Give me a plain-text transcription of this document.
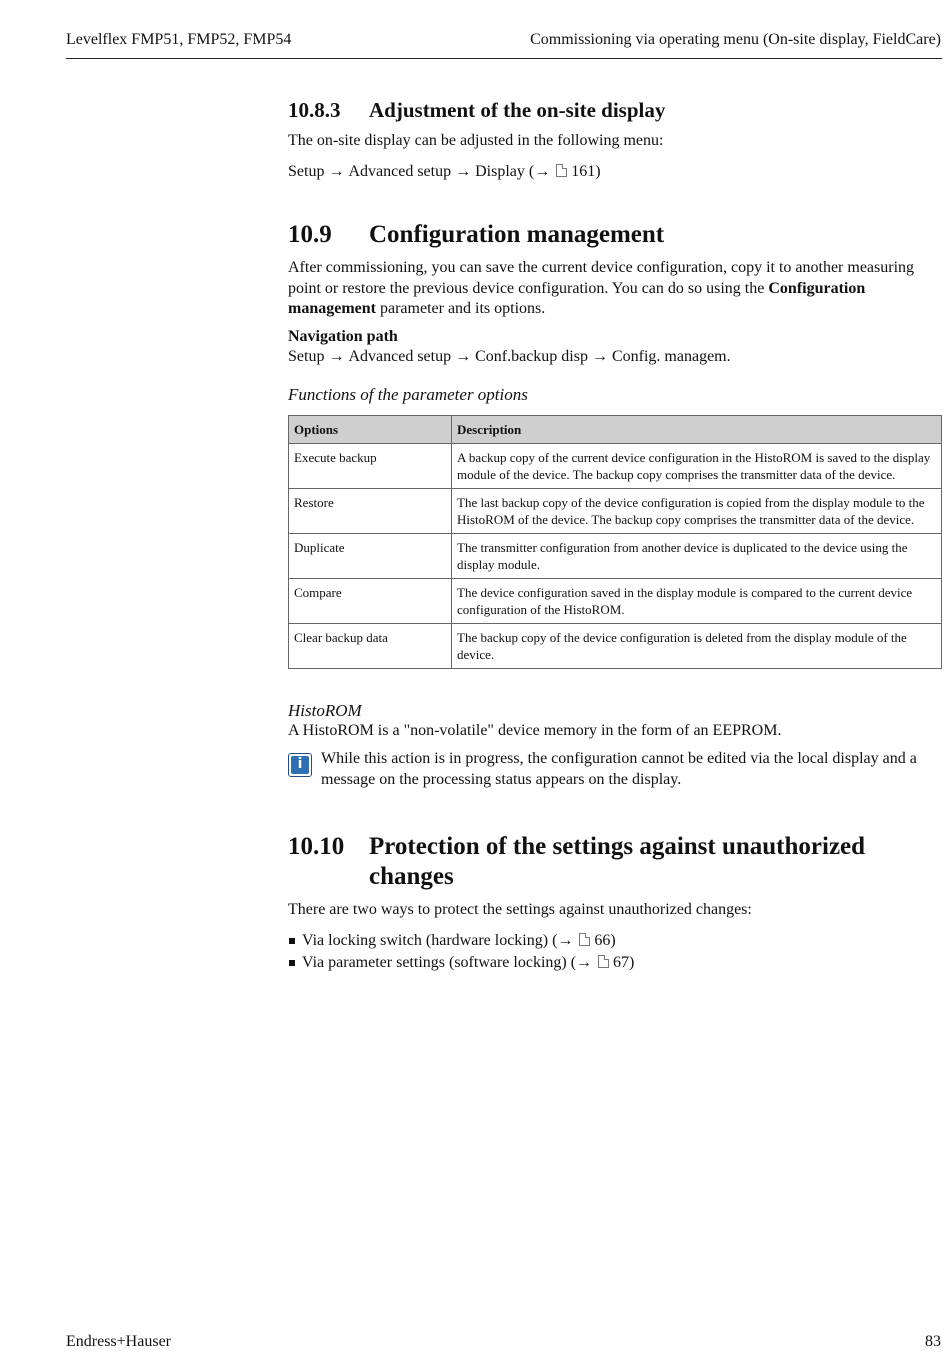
Levelflex FMP51, FMP52, FMP54	Commissioning via operating menu (On-site display, FieldCare)
10.8.3	Adjustment of the on-site display

The on-site display can be adjusted in the following menu:

Setup → Advanced setup → Display (→ 161)

10.9	Configuration management

After commissioning, you can save the current device configuration, copy it to another measuring point or restore the previous device configuration. You can do so using the Configuration management parameter and its options.

Navigation path

Setup → Advanced setup → Conf.backup disp → Config. managem.

Functions of the parameter options

Options	Description
Execute backup	A backup copy of the current device configuration in the HistoROM is saved to the display module of the device. The backup copy comprises the transmitter data of the device.
Restore	The last backup copy of the device configuration is copied from the display module to the HistoROM of the device. The backup copy comprises the transmitter data of the device.
Duplicate	The transmitter configuration from another device is duplicated to the device using the display module.
Compare	The device configuration saved in the display module is compared to the current device configuration of the HistoROM.
Clear backup data	The backup copy of the device configuration is deleted from the display module of the device.

HistoROM

A HistoROM is a "non-volatile" device memory in the form of an EEPROM.

i	While this action is in progress, the configuration cannot be edited via the local display and a message on the processing status appears on the display.

10.10 Protection of the settings against unauthorized changes

There are two ways to protect the settings against unauthorized changes:

Via locking switch (hardware locking) (→ 66)
Via parameter settings (software locking) (→ 67)
Endress+Hauser	83
